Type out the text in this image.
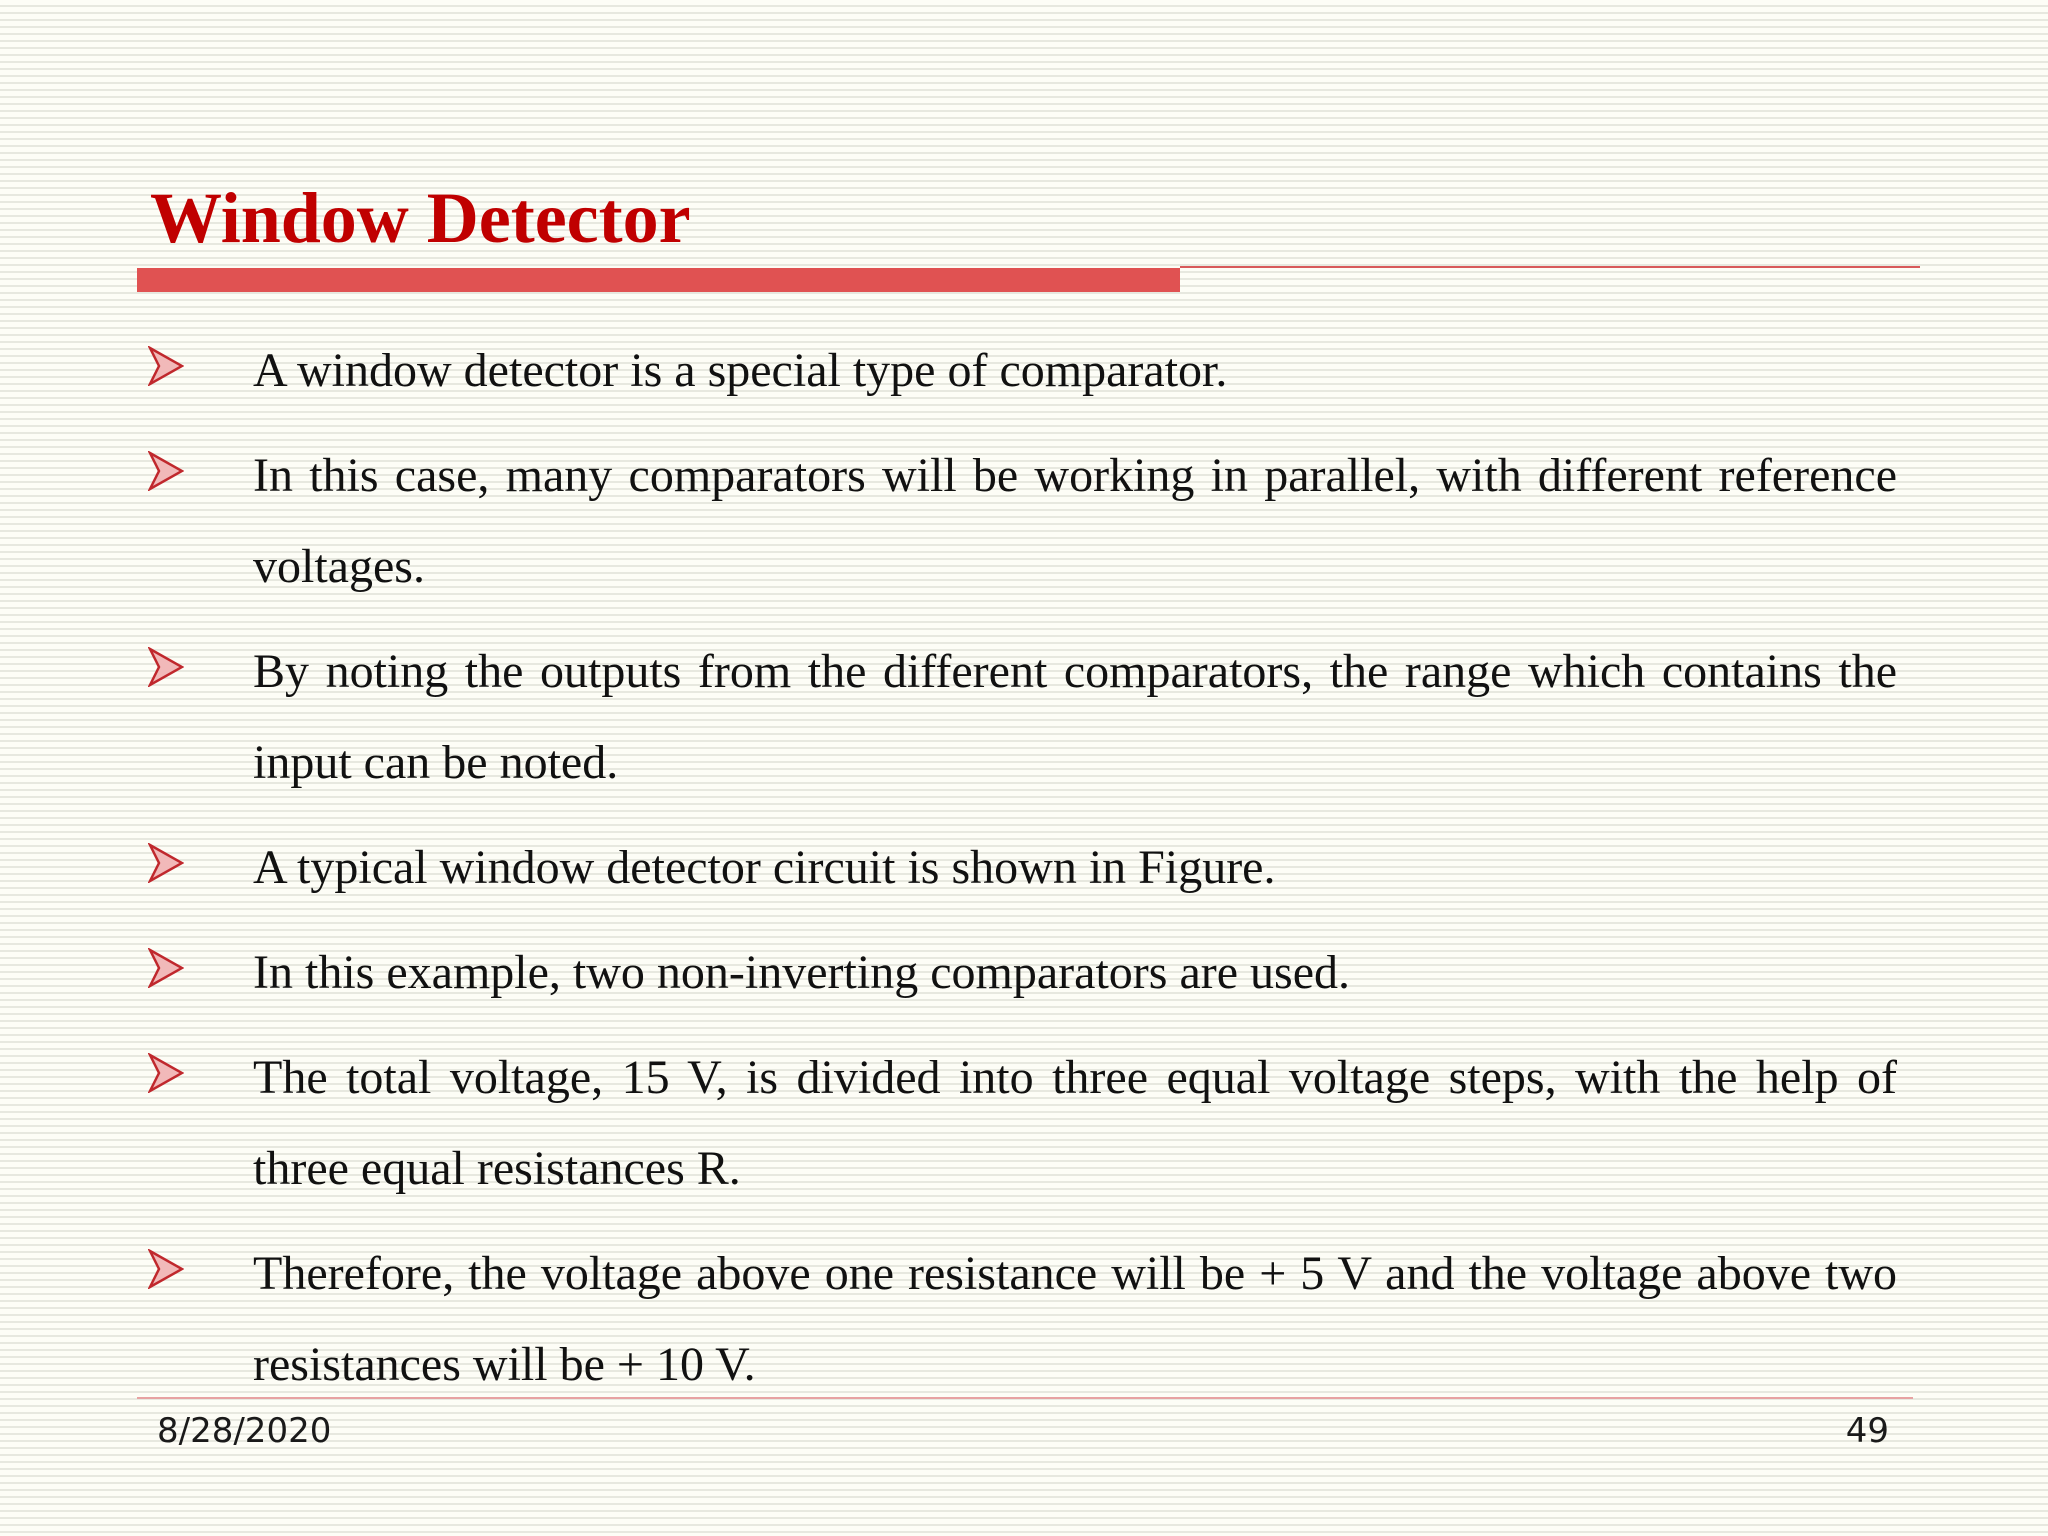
Window Detector

A window detector is a special type of comparator.

In this case, many comparators will be working in parallel, with different reference voltages.

By noting the outputs from the different comparators, the range which contains the input can be noted.

A typical window detector circuit is shown in Figure.

In this example, two non-inverting comparators are used.

The total voltage, 15 V, is divided into three equal voltage steps, with the help of three equal resistances R.

Therefore, the voltage above one resistance will be + 5 V and the voltage above two resistances will be + 10 V.

8/28/2020	49
